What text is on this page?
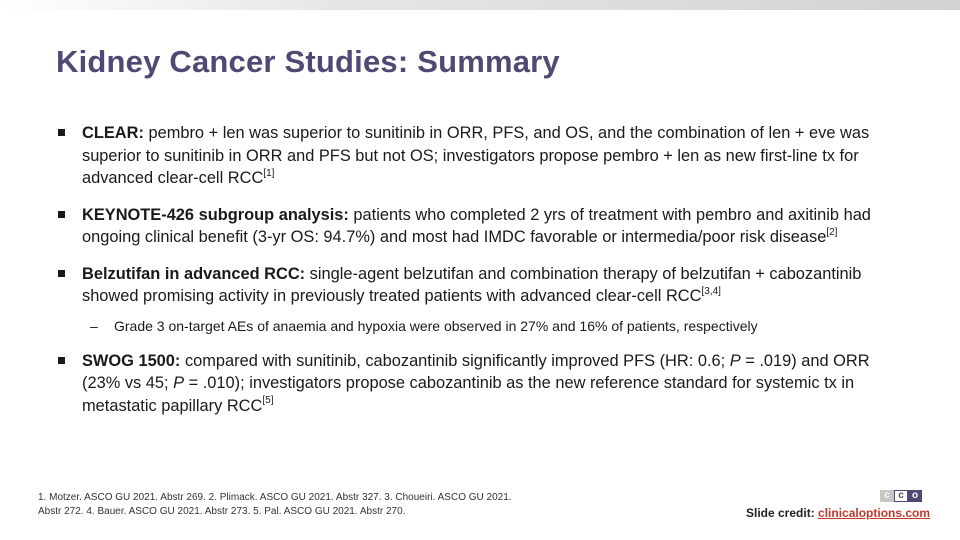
Kidney Cancer Studies: Summary
CLEAR: pembro + len was superior to sunitinib in ORR, PFS, and OS, and the combination of len + eve was superior to sunitinib in ORR and PFS but not OS; investigators propose pembro + len as new first-line tx for advanced clear-cell RCC[1]
KEYNOTE-426 subgroup analysis: patients who completed 2 yrs of treatment with pembro and axitinib had ongoing clinical benefit (3-yr OS: 94.7%) and most had IMDC favorable or intermedia/poor risk disease[2]
Belzutifan in advanced RCC: single-agent belzutifan and combination therapy of belzutifan + cabozantinib showed promising activity in previously treated patients with advanced clear-cell RCC[3,4]
– Grade 3 on-target AEs of anaemia and hypoxia were observed in 27% and 16% of patients, respectively
SWOG 1500: compared with sunitinib, cabozantinib significantly improved PFS (HR: 0.6; P = .019) and ORR (23% vs 45; P = .010); investigators propose cabozantinib as the new reference standard for systemic tx in metastatic papillary RCC[5]
1. Motzer. ASCO GU 2021. Abstr 269. 2. Plimack. ASCO GU 2021. Abstr 327. 3. Choueiri. ASCO GU 2021. Abstr 272. 4. Bauer. ASCO GU 2021. Abstr 273. 5. Pal. ASCO GU 2021. Abstr 270.
c c o
Slide credit: clinicaloptions.com
